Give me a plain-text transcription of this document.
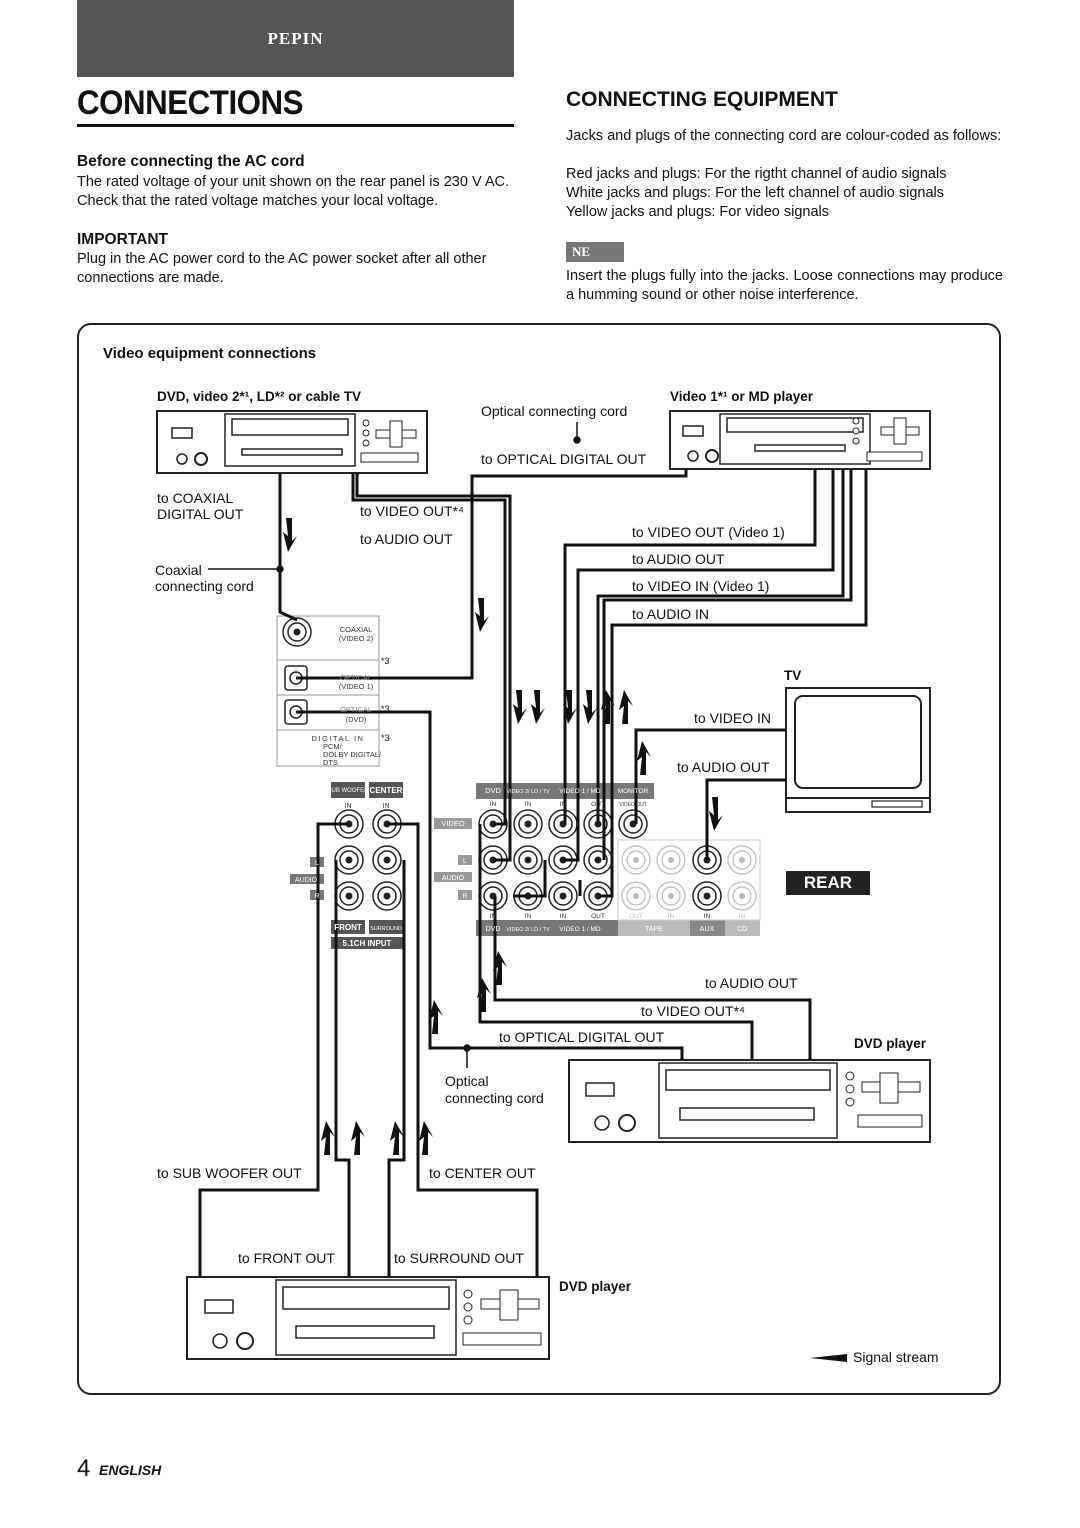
PEPIN
CONNECTIONS
Before connecting the AC cord
The rated voltage of your unit shown on the rear panel is 230 V AC. Check that the rated voltage matches your local voltage.
IMPORTANT
Plug in the AC power cord to the AC power socket after all other connections are made.
CONNECTING EQUIPMENT
Jacks and plugs of the connecting cord are colour-coded as follows:
Red jacks and plugs: For the rigtht channel of audio signals
White jacks and plugs: For the left channel of audio signals
Yellow jacks and plugs: For video signals
NE
Insert the plugs fully into the jacks. Loose connections may produce a humming sound or other noise interference.
COAXIAL
(VIDEO 2)
OPTICAL
(VIDEO 1)
OPTICAL
(DVD)
DIGITAL IN
PCM/
DOLBY DIGITAL/
DTS
*3
*3
*3
SUB WOOFER CENTER
IN	IN
FRONT SURROUND
5.1CH INPUT
L
AUDIO
R
VIDEO
L
AUDIO
R
DVD VIDEO 2/ LD / TV VIDEO 1 / MD	MONITOR
IN	IN	IN	OUT	VIDEO OUT
IN	IN	IN	OUT	OUT	IN	IN	IN
DVD VIDEO 2/ LD / TV VIDEO 1 / MD	TAPE	AUX	CD
Video equipment connections
DVD, video 2*¹, LD*² or cable TV	Video 1*¹ or MD player
Optical connecting cord
to OPTICAL DIGITAL OUT
to COAXIAL
DIGITAL OUT	to VIDEO OUT*⁴
to AUDIO OUT
Coaxial
connecting cord
to VIDEO OUT (Video 1)
to AUDIO OUT
to VIDEO IN (Video 1)
to AUDIO IN
TV
to VIDEO IN
to AUDIO OUT
REAR
to AUDIO OUT
to VIDEO OUT*⁴
to OPTICAL DIGITAL OUT	DVD player
Optical
connecting cord
to SUB WOOFER OUT	to CENTER OUT
to FRONT OUT	to SURROUND OUT
DVD player
Signal stream
4 ENGLISH
